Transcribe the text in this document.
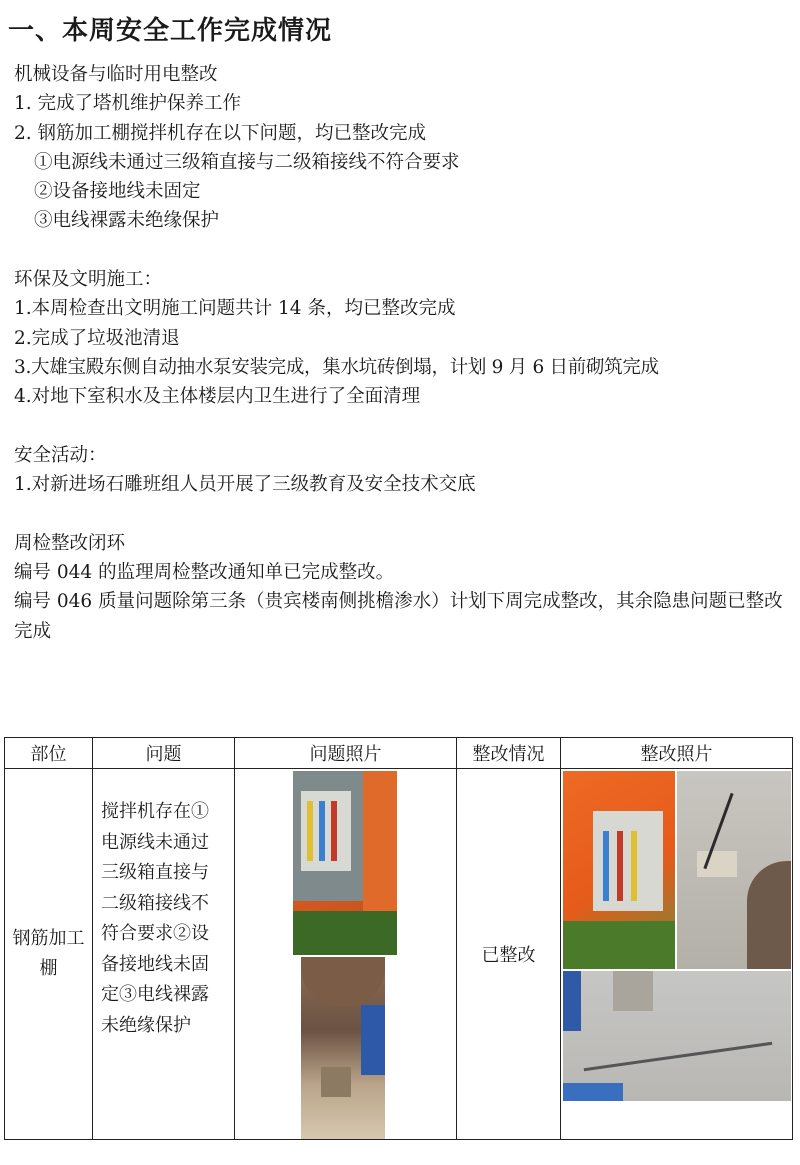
一、本周安全工作完成情况
机械设备与临时用电整改
1. 完成了塔机维护保养工作
2. 钢筋加工棚搅拌机存在以下问题，均已整改完成
①电源线未通过三级箱直接与二级箱接线不符合要求
②设备接地线未固定
③电线裸露未绝缘保护
环保及文明施工：
1.本周检查出文明施工问题共计 14 条，均已整改完成
2.完成了垃圾池清退
3.大雄宝殿东侧自动抽水泵安装完成，集水坑砖倒塌，计划 9 月 6 日前砌筑完成
4.对地下室积水及主体楼层内卫生进行了全面清理
安全活动：
1.对新进场石雕班组人员开展了三级教育及安全技术交底
周检整改闭环
编号 044 的监理周检整改通知单已完成整改。
编号 046 质量问题除第三条（贵宾楼南侧挑檐渗水）计划下周完成整改，其余隐患问题已整改完成
部位	问题	问题照片	整改情况	整改照片
钢筋加工棚	搅拌机存在①电源线未通过三级箱直接与二级箱接线不符合要求②设备接地线未固定③电线裸露未绝缘保护		已整改	
